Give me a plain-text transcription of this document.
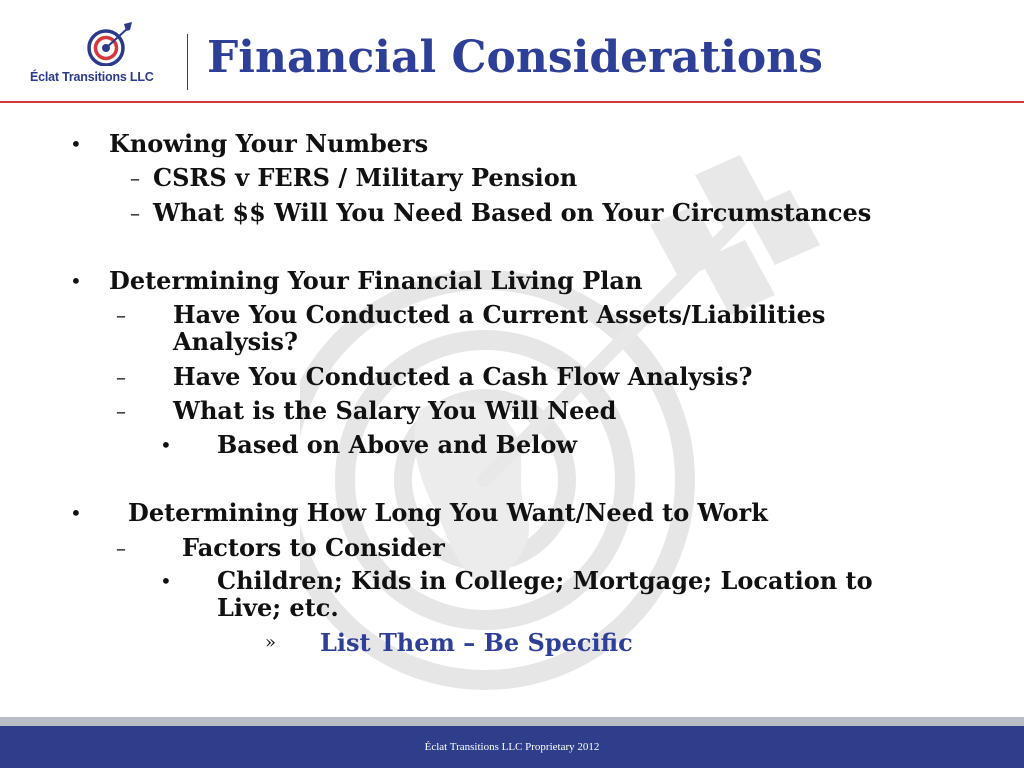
Éclat Transitions LLC Financial Considerations
• Knowing Your Numbers
– CSRS v FERS / Military Pension
– What $$ Will You Need Based on Your Circumstances
• Determining Your Financial Living Plan
– Have You Conducted a Current Assets/Liabilities
Analysis?
– Have You Conducted a Cash Flow Analysis?
– What is the Salary You Will Need
• Based on Above and Below
• Determining How Long You Want/Need to Work
– Factors to Consider
• Children; Kids in College; Mortgage; Location to
Live; etc.
» List Them – Be Specific
Éclat Transitions LLC Proprietary 2012
